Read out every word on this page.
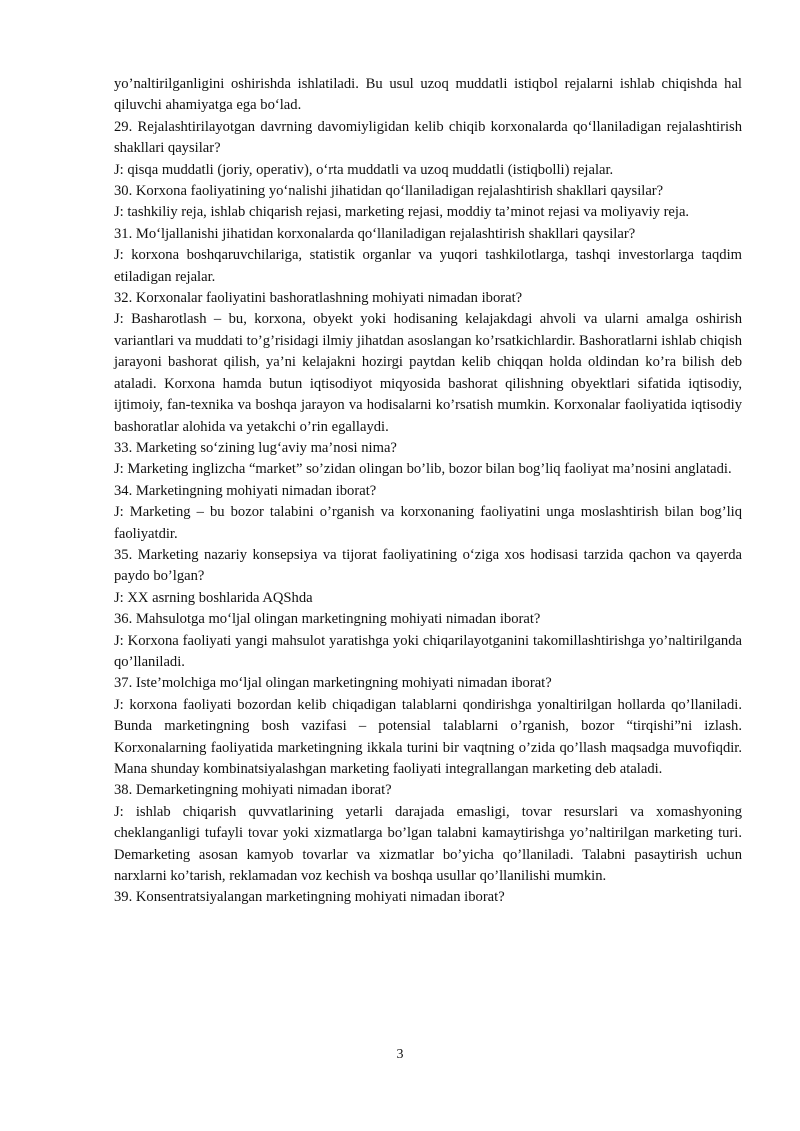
yo’naltirilganligini oshirishda ishlatiladi. Bu usul uzoq muddatli istiqbol rejalarni ishlab chiqishda hal qiluvchi ahamiyatga ega bo‘lad.

29. Rejalashtirilayotgan davrning davomiyligidan kelib chiqib korxonalarda qo‘llaniladigan rejalashtirish shakllari qaysilar?

J: qisqa muddatli (joriy, operativ), o‘rta muddatli va uzoq muddatli (istiqbolli) rejalar.

30. Korxona faoliyatining yo‘nalishi jihatidan qo‘llaniladigan rejalashtirish shakllari qaysilar?

J: tashkiliy reja, ishlab chiqarish rejasi, marketing rejasi, moddiy ta’minot rejasi va moliyaviy reja.

31. Mo‘ljallanishi jihatidan korxonalarda qo‘llaniladigan rejalashtirish shakllari qaysilar?

J: korxona boshqaruvchilariga, statistik organlar va yuqori tashkilotlarga, tashqi investorlarga taqdim etiladigan rejalar.

32. Korxonalar faoliyatini bashoratlashning mohiyati nimadan iborat?

J: Basharotlash – bu, korxona, obyekt yoki hodisaning kelajakdagi ahvoli va ularni amalga oshirish variantlari va muddati to’g’risidagi ilmiy jihatdan asoslangan ko’rsatkichlardir. Bashoratlarni ishlab chiqish jarayoni bashorat qilish, ya’ni kelajakni hozirgi paytdan kelib chiqqan holda oldindan ko’ra bilish deb ataladi. Korxona hamda butun iqtisodiyot miqyosida bashorat qilishning obyektlari sifatida iqtisodiy, ijtimoiy, fan-texnika va boshqa jarayon va hodisalarni ko’rsatish mumkin. Korxonalar faoliyatida iqtisodiy bashoratlar alohida va yetakchi o’rin egallaydi.

33. Marketing so‘zining lug‘aviy ma’nosi nima?

J: Marketing inglizcha “market” so’zidan olingan bo’lib, bozor bilan bog’liq faoliyat ma’nosini anglatadi.

34. Marketingning mohiyati nimadan iborat?

J: Marketing – bu bozor talabini o’rganish va korxonaning faoliyatini unga moslashtirish bilan bog’liq faoliyatdir.

35. Marketing nazariy konsepsiya va tijorat faoliyatining o‘ziga xos hodisasi tarzida qachon va qayerda paydo bo’lgan?

J: XX asrning boshlarida AQShda

36. Mahsulotga mo‘ljal olingan marketingning mohiyati nimadan iborat?

J: Korxona faoliyati yangi mahsulot yaratishga yoki chiqarilayotganini takomillashtirishga yo’naltirilganda qo’llaniladi.

37. Iste’molchiga mo‘ljal olingan marketingning mohiyati nimadan iborat?

J: korxona faoliyati bozordan kelib chiqadigan talablarni qondirishga yonaltirilgan hollarda qo’llaniladi. Bunda marketingning bosh vazifasi – potensial talablarni o’rganish, bozor “tirqishi”ni izlash. Korxonalarning faoliyatida marketingning ikkala turini bir vaqtning o’zida qo’llash maqsadga muvofiqdir. Mana shunday kombinatsiyalashgan marketing faoliyati integrallangan marketing deb ataladi.

38. Demarketingning mohiyati nimadan iborat?

J: ishlab chiqarish quvvatlarining yetarli darajada emasligi, tovar resurslari va xomashyoning cheklanganligi tufayli tovar yoki xizmatlarga bo’lgan talabni kamaytirishga yo’naltirilgan marketing turi. Demarketing asosan kamyob tovarlar va xizmatlar bo’yicha qo’llaniladi. Talabni pasaytirish uchun narxlarni ko’tarish, reklamadan voz kechish va boshqa usullar qo’llanilishi mumkin.

39. Konsentratsiyalangan marketingning mohiyati nimadan iborat?

3
